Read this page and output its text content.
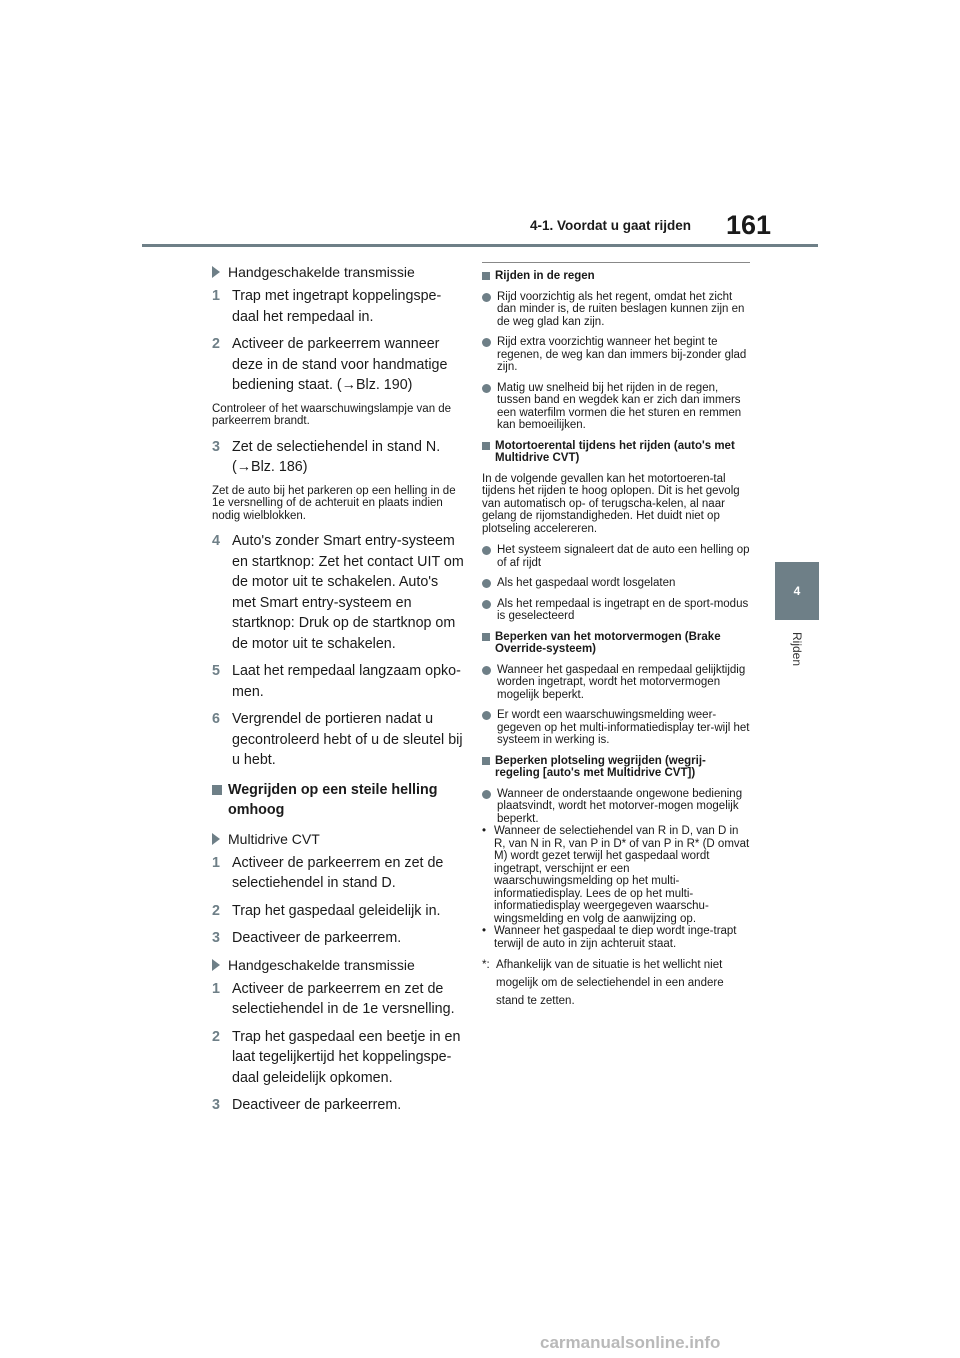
4-1. Voordat u gaat rijden 161
4
Rijden
Handgeschakelde transmissie
1 Trap met ingetrapt koppelingspe-daal het rempedaal in.
2 Activeer de parkeerrem wanneer deze in de stand voor handmatige bediening staat. (→Blz. 190)
Controleer of het waarschuwingslampje van de parkeerrem brandt.
3 Zet de selectiehendel in stand N. (→Blz. 186)
Zet de auto bij het parkeren op een helling in de 1e versnelling of de achteruit en plaats indien nodig wielblokken.
4 Auto's zonder Smart entry-systeem en startknop: Zet het contact UIT om de motor uit te schakelen. Auto's met Smart entry-systeem en startknop: Druk op de startknop om de motor uit te schakelen.
5 Laat het rempedaal langzaam opko-men.
6 Vergrendel de portieren nadat u gecontroleerd hebt of u de sleutel bij u hebt.
Wegrijden op een steile helling omhoog
Multidrive CVT
1 Activeer de parkeerrem en zet de selectiehendel in stand D.
2 Trap het gaspedaal geleidelijk in.
3 Deactiveer de parkeerrem.
Handgeschakelde transmissie
1 Activeer de parkeerrem en zet de selectiehendel in de 1e versnelling.
2 Trap het gaspedaal een beetje in en laat tegelijkertijd het koppelingspe-daal geleidelijk opkomen.
3 Deactiveer de parkeerrem.
Rijden in de regen
Rijd voorzichtig als het regent, omdat het zicht dan minder is, de ruiten beslagen kunnen zijn en de weg glad kan zijn.
Rijd extra voorzichtig wanneer het begint te regenen, de weg kan dan immers bij-zonder glad zijn.
Matig uw snelheid bij het rijden in de regen, tussen band en wegdek kan er zich dan immers een waterfilm vormen die het sturen en remmen kan bemoeilijken.
Motortoerental tijdens het rijden (auto's met Multidrive CVT)
In de volgende gevallen kan het motortoeren-tal tijdens het rijden te hoog oplopen. Dit is het gevolg van automatisch op- of terugscha-kelen, al naar gelang de rijomstandigheden. Het duidt niet op plotseling accelereren.
Het systeem signaleert dat de auto een helling op of af rijdt
Als het gaspedaal wordt losgelaten
Als het rempedaal is ingetrapt en de sport-modus is geselecteerd
Beperken van het motorvermogen (Brake Override-systeem)
Wanneer het gaspedaal en rempedaal gelijktijdig worden ingetrapt, wordt het motorvermogen mogelijk beperkt.
Er wordt een waarschuwingsmelding weer-gegeven op het multi-informatiedisplay ter-wijl het systeem in werking is.
Beperken plotseling wegrijden (wegrij-regeling [auto's met Multidrive CVT])
Wanneer de onderstaande ongewone bediening plaatsvindt, wordt het motorver-mogen mogelijk beperkt.
• Wanneer de selectiehendel van R in D, van D in R, van N in R, van P in D* of van P in R* (D omvat M) wordt gezet terwijl het gaspedaal wordt ingetrapt, verschijnt er een waarschuwingsmelding op het multi-informatiedisplay. Lees de op het multi-informatiedisplay weergegeven waarschu-wingsmelding en volg de aanwijzing op.
• Wanneer het gaspedaal te diep wordt inge-trapt terwijl de auto in zijn achteruit staat.
*: Afhankelijk van de situatie is het wellicht niet mogelijk om de selectiehendel in een andere stand te zetten.
carmanualsonline.info
